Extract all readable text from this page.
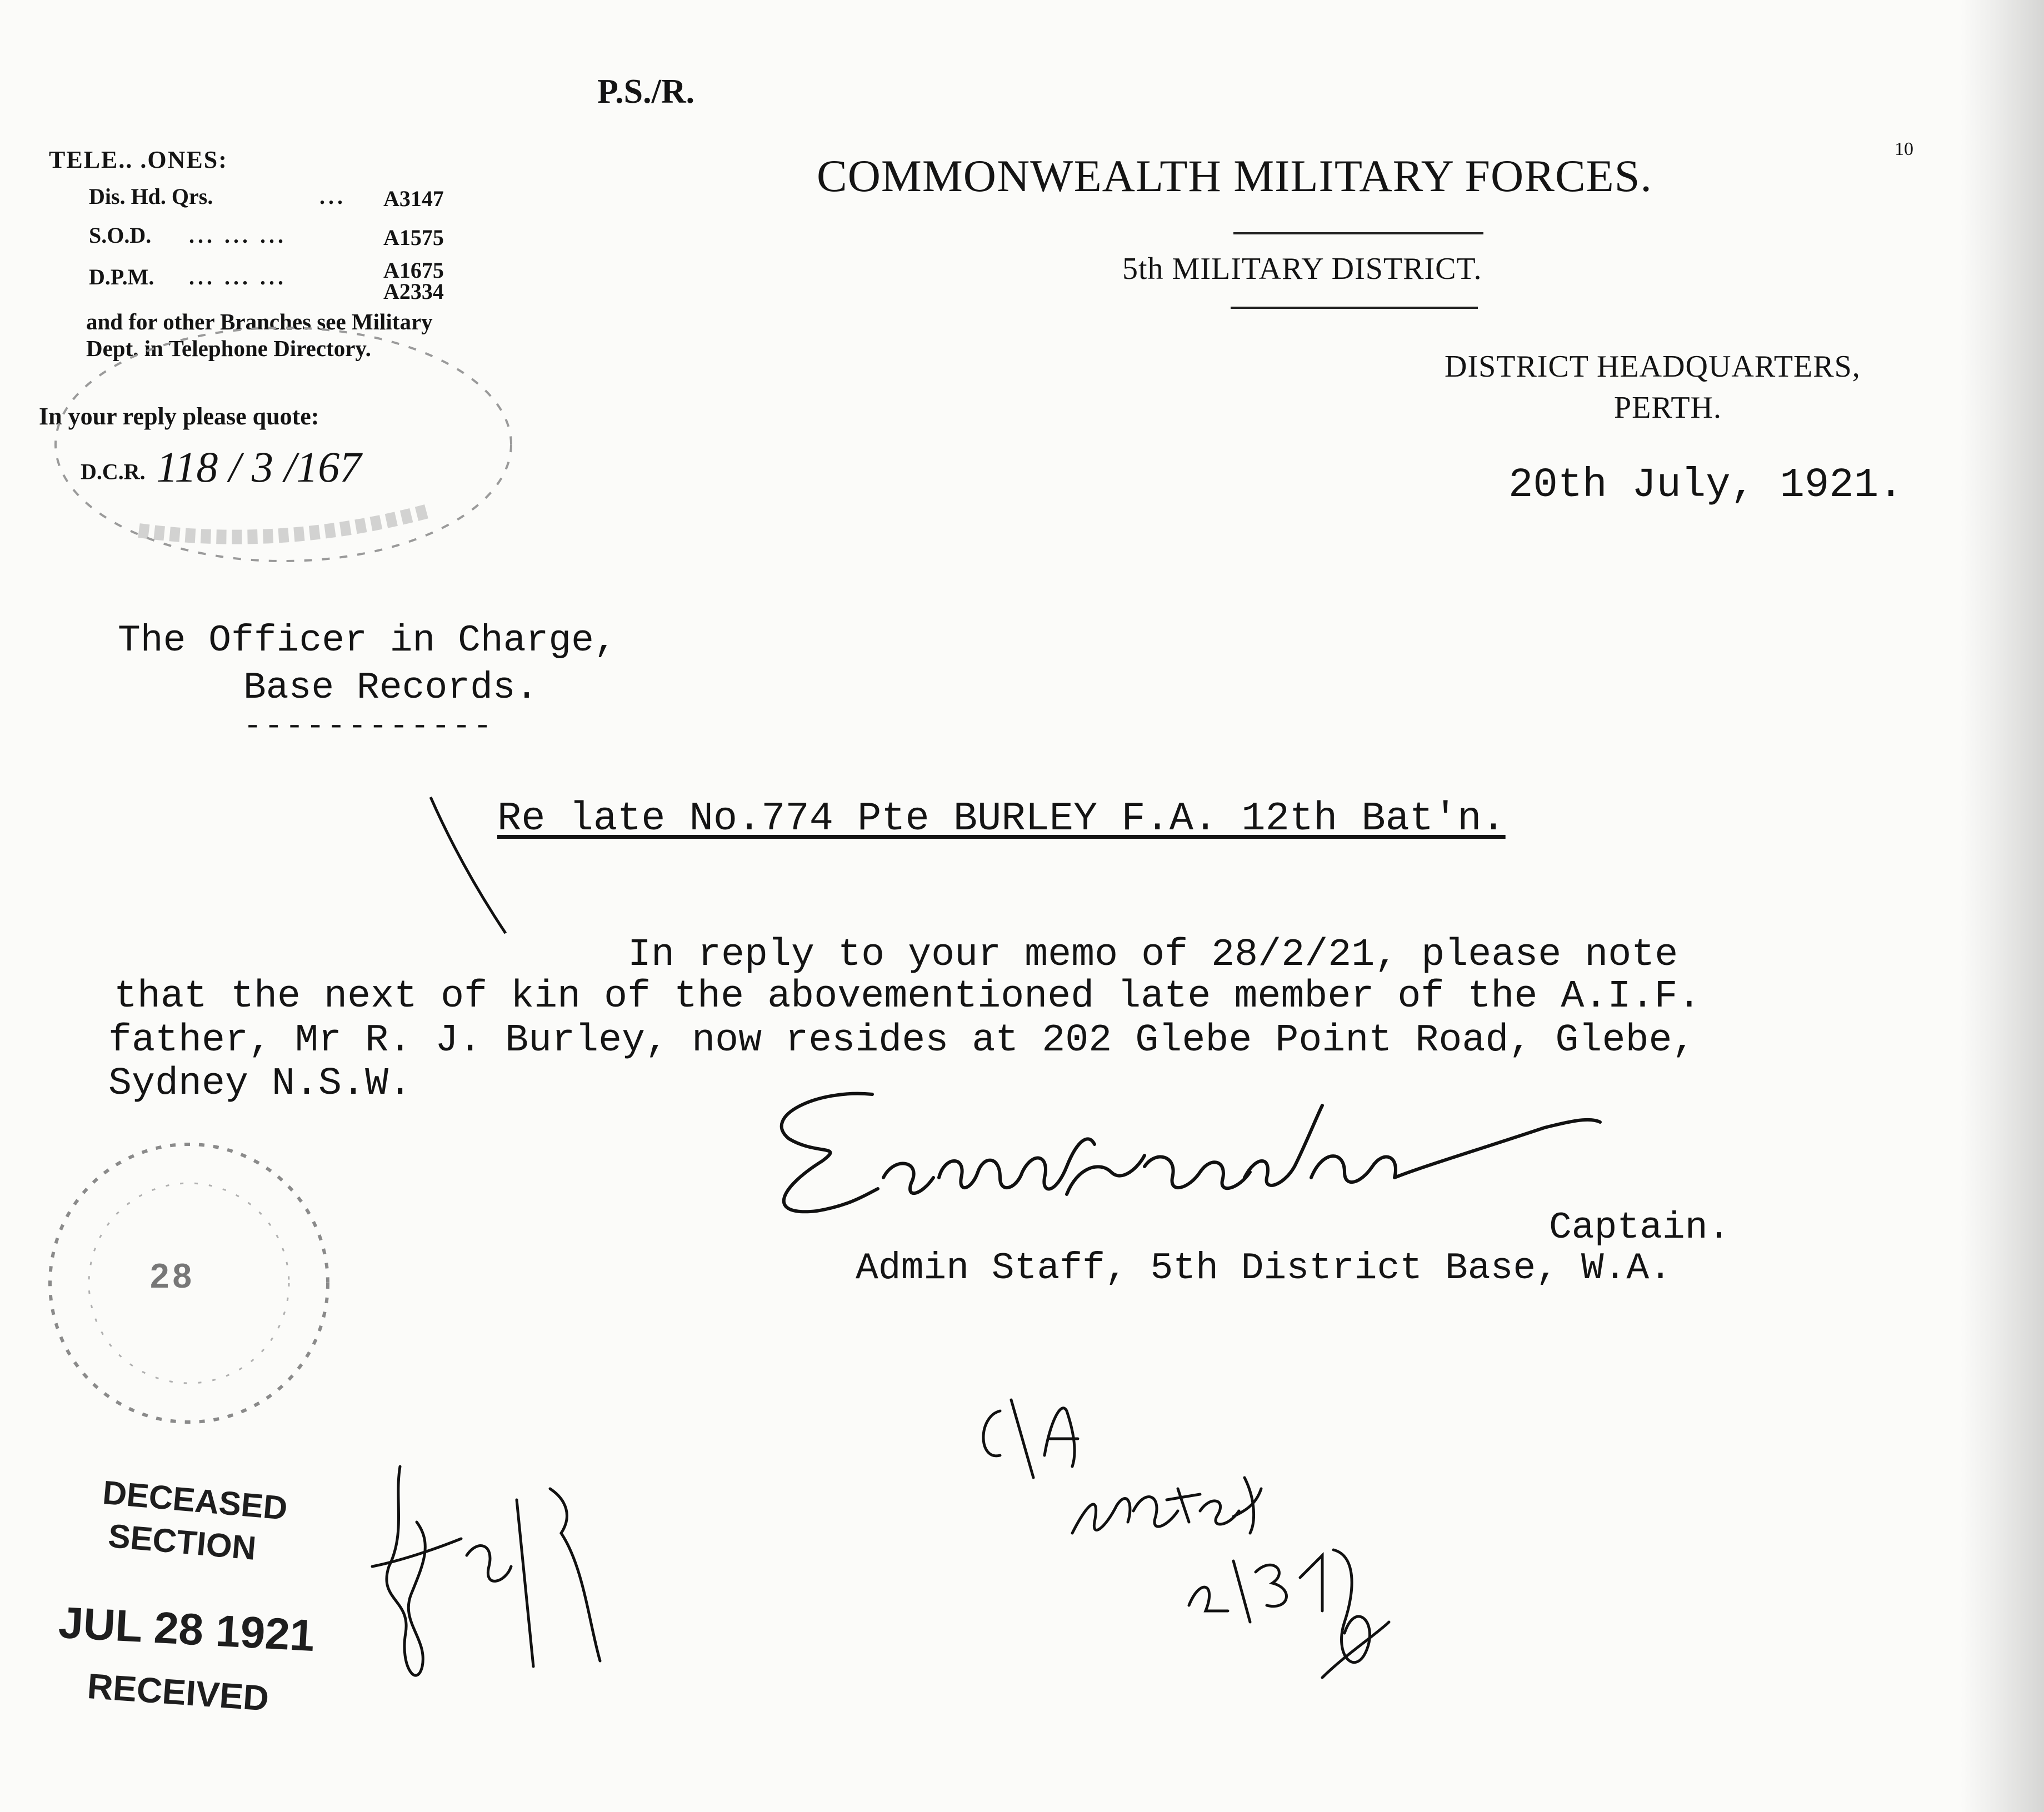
TELE.. .ONES:
Dis. Hd. Qrs.	... A3147
S.O.D. ... ... ...	A1575
D.P.M. ... ... ...	A1675
A2334
and for other Branches see Military Dept. in Telephone Directory.
In your reply please quote:
D.C.R. 118 / 3 /167
P.S./R.
10
COMMONWEALTH MILITARY FORCES.
5th MILITARY DISTRICT.
DISTRICT HEADQUARTERS,
PERTH.
20th July, 1921.
The Officer in Charge,
Base Records.
------------
Re late No.774 Pte BURLEY F.A. 12th Bat'n.
In reply to your memo of 28/2/21, please note
that the next of kin of the abovementioned late member of the A.I.F.
father, Mr R. J. Burley, now resides at 202 Glebe Point Road, Glebe,
Sydney N.S.W.
Captain.
Admin Staff, 5th District Base, W.A.
28
DECEASED
SECTION
JUL 28 1921
RECEIVED
